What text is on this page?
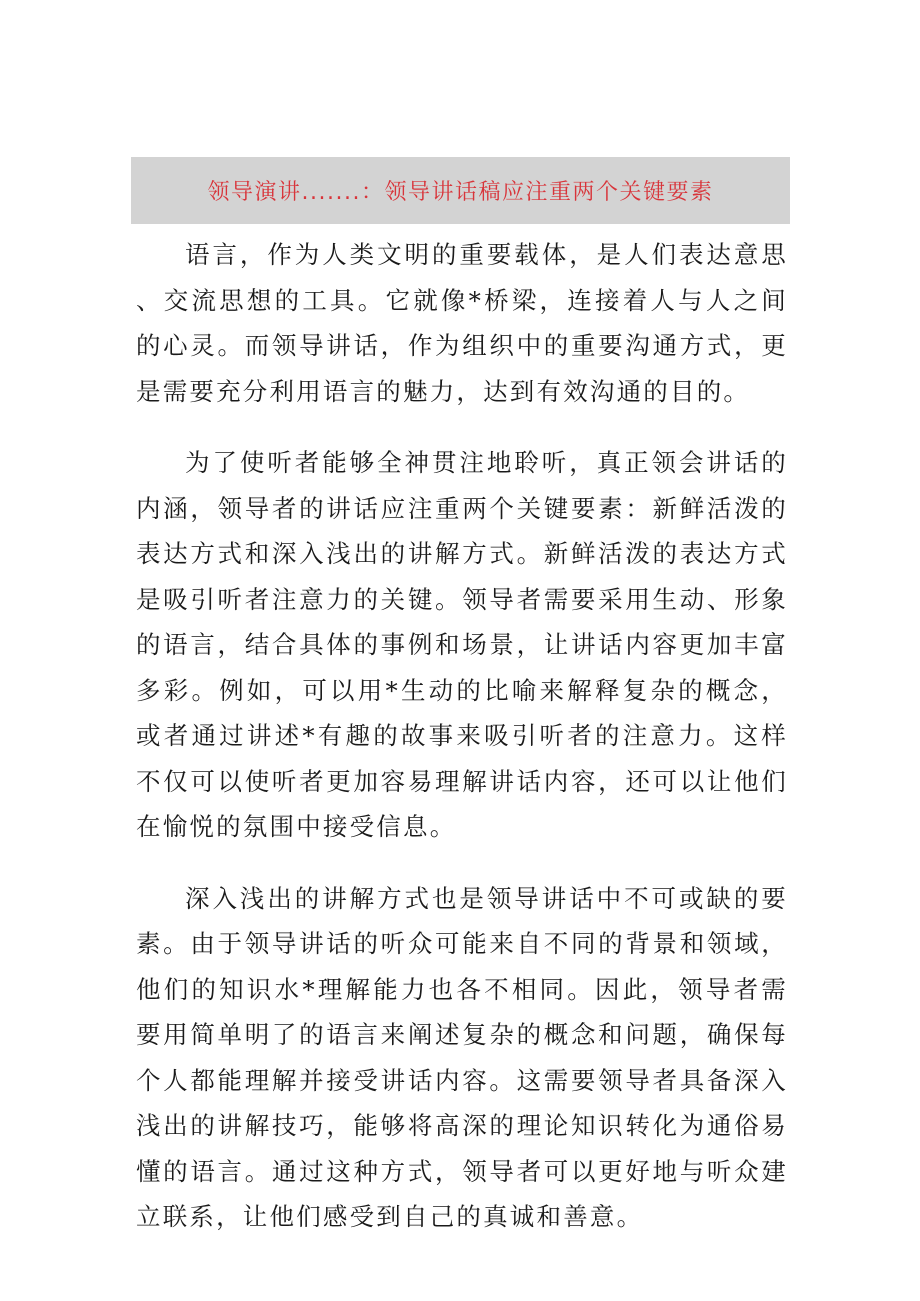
领导演讲.......：领导讲话稿应注重两个关键要素

语言，作为人类文明的重要载体，是人们表达意思、交流思想的工具。它就像*桥梁，连接着人与人之间的心灵。而领导讲话，作为组织中的重要沟通方式，更是需要充分利用语言的魅力，达到有效沟通的目的。

为了使听者能够全神贯注地聆听，真正领会讲话的内涵，领导者的讲话应注重两个关键要素：新鲜活泼的表达方式和深入浅出的讲解方式。新鲜活泼的表达方式是吸引听者注意力的关键。领导者需要采用生动、形象的语言，结合具体的事例和场景，让讲话内容更加丰富多彩。例如，可以用*生动的比喻来解释复杂的概念，或者通过讲述*有趣的故事来吸引听者的注意力。这样不仅可以使听者更加容易理解讲话内容，还可以让他们在愉悦的氛围中接受信息。

深入浅出的讲解方式也是领导讲话中不可或缺的要素。由于领导讲话的听众可能来自不同的背景和领域，他们的知识水*理解能力也各不相同。因此，领导者需要用简单明了的语言来阐述复杂的概念和问题，确保每个人都能理解并接受讲话内容。这需要领导者具备深入浅出的讲解技巧，能够将高深的理论知识转化为通俗易懂的语言。通过这种方式，领导者可以更好地与听众建立联系，让他们感受到自己的真诚和善意。
